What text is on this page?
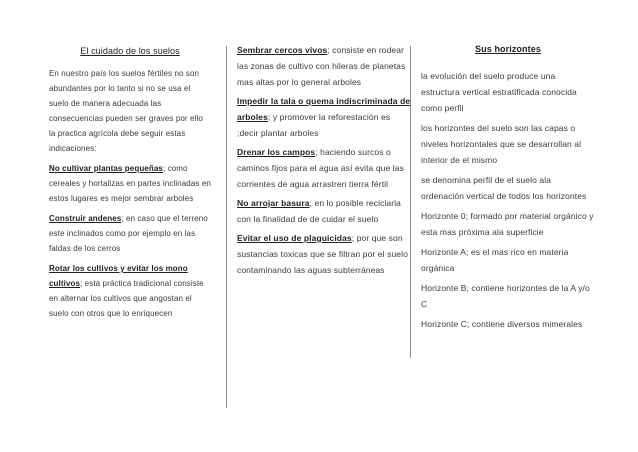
El cuidado de los suelos

En nuestro país los suelos fértiles no son abundantes por lo tanto si no se usa el suelo de manera adecuada las consecuencias pueden ser graves por ello la practica agrícola debe seguir estas indicaciones:

No cultivar plantas pequeñas; como cereales y hortalizas en partes inclinadas en estos lugares es mejor sembrar arboles

Construir andenes; en caso que el terreno este inclinados como por ejemplo en las faldas de los cerros

Rotar los cultivos y evitar los mono cultivos; esta práctica tradicional consiste en alternar los cultivos que angostan el suelo con otros que lo enriquecen

Sembrar cercos vivos; consiste en rodear las zonas de cultivo con hileras de planetas mas altas por lo general arboles

Impedir la tala o quema indiscriminada de arboles; y promover la reforestación es ;decir plantar arboles

Drenar los campos; haciendo surcos o caminos fijos para el agua así evita que las corrientes de agua arrastren tierra fértil

No arrojar basura; en lo posible reciclarla con la finalidad de de cuidar el suelo

Evitar el uso de plaguicidas; por que son sustancias toxicas que se filtran por el suelo contaminando las aguas subterráneas

Sus horizontes

la evolución del suelo produce una estructura vertical estratificada conocida como perfil

los horizontes del suelo son las capas o niveles horizontales que se desarrollan al interior de el mismo

se denomina perfil de el suelo ala ordenación vertical de todos los horizontes

Horizonte 0; formado por material orgánico y esta mas próxima ala superficie

Horizonte A; es el mas rico en materia orgánica

Horizonte B; contiene horizontes de la A y/o C

Horizonte C; contiene diversos mimerales
